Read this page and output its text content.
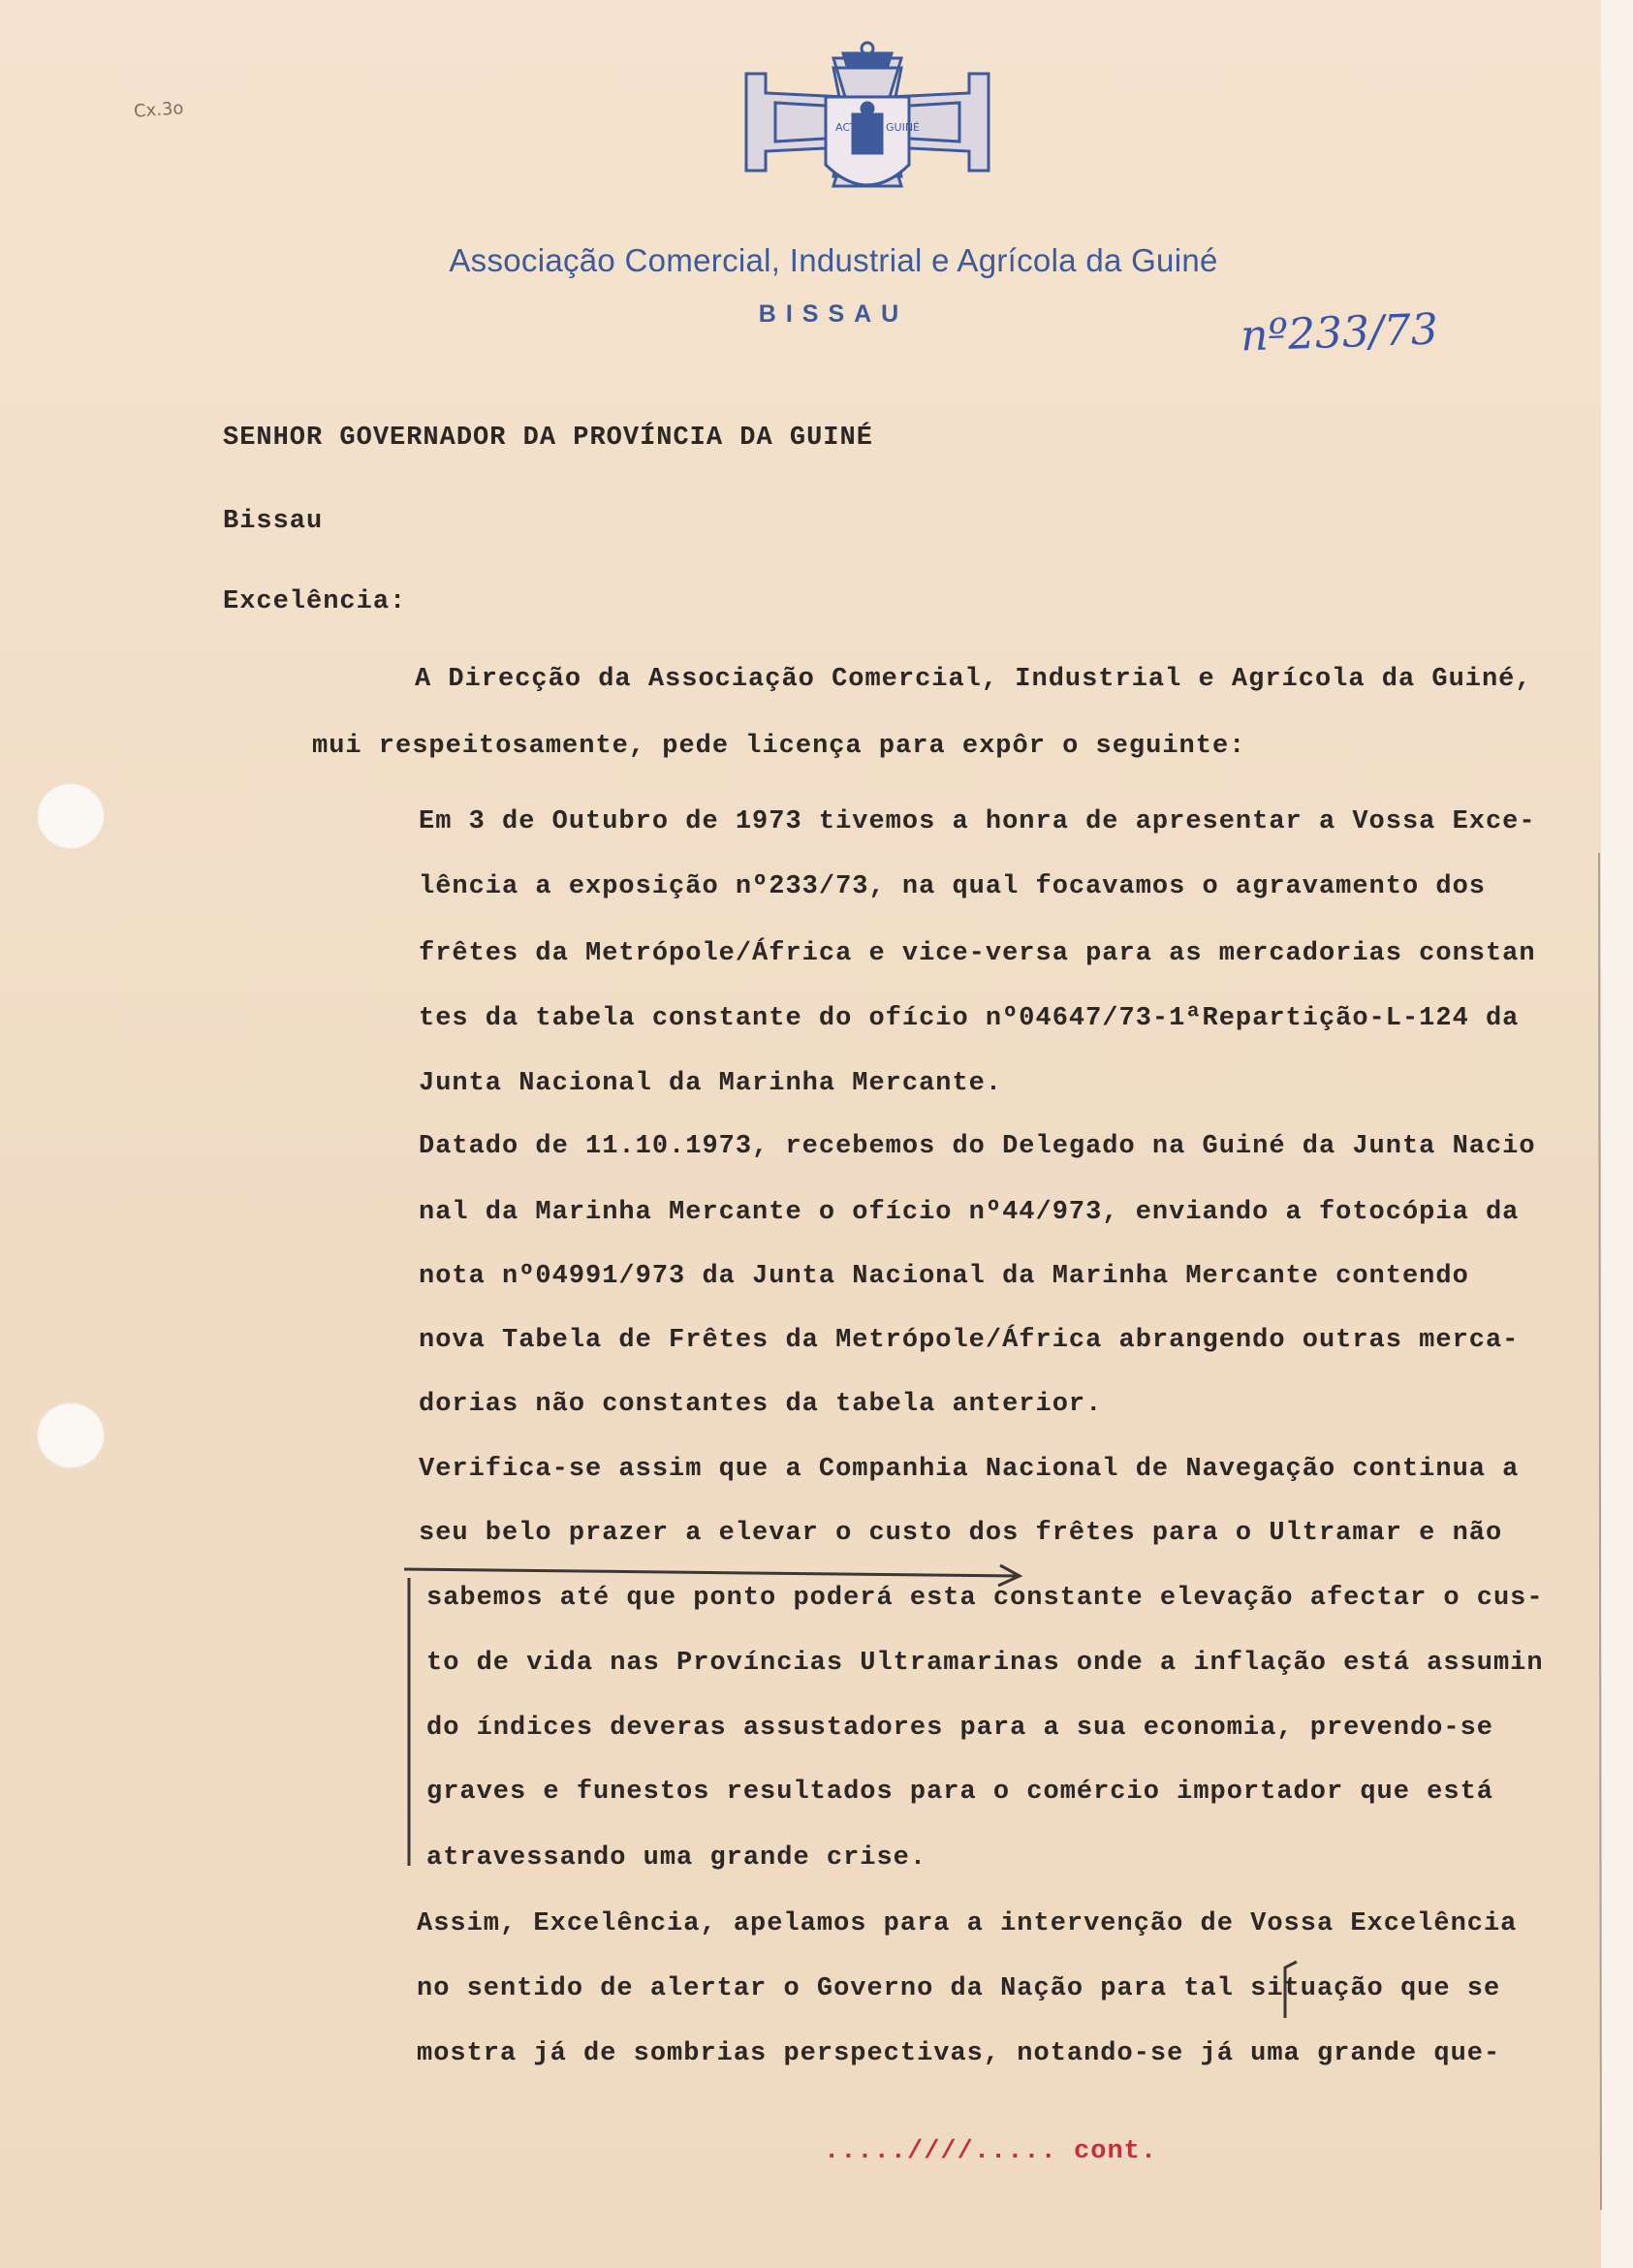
Cx.3o
ACTA GUINÉ
Associação Comercial, Industrial e Agrícola da Guiné
BISSAU	nº233/73
SENHOR GOVERNADOR DA PROVÍNCIA DA GUINÉ
Bissau
Excelência:
A Direcção da Associação Comercial, Industrial e Agrícola da Guiné,
mui respeitosamente, pede licença para expôr o seguinte:
Em 3 de Outubro de 1973 tivemos a honra de apresentar a Vossa Exce-
lência a exposição nº233/73, na qual focavamos o agravamento dos
frêtes da Metrópole/África e vice-versa para as mercadorias constan
tes da tabela constante do ofício nº04647/73-1ªRepartição-L-124 da
Junta Nacional da Marinha Mercante.
Datado de 11.10.1973, recebemos do Delegado na Guiné da Junta Nacio
nal da Marinha Mercante o ofício nº44/973, enviando a fotocópia da
nota nº04991/973 da Junta Nacional da Marinha Mercante contendo
nova Tabela de Frêtes da Metrópole/África abrangendo outras merca-
dorias não constantes da tabela anterior.
Verifica-se assim que a Companhia Nacional de Navegação continua a
seu belo prazer a elevar o custo dos frêtes para o Ultramar e não
sabemos até que ponto poderá esta constante elevação afectar o cus-
to de vida nas Províncias Ultramarinas onde a inflação está assumin
do índices deveras assustadores para a sua economia, prevendo-se
graves e funestos resultados para o comércio importador que está
atravessando uma grande crise.
Assim, Excelência, apelamos para a intervenção de Vossa Excelência
no sentido de alertar o Governo da Nação para tal situação que se
mostra já de sombrias perspectivas, notando-se já uma grande que-
.....////..... cont.
